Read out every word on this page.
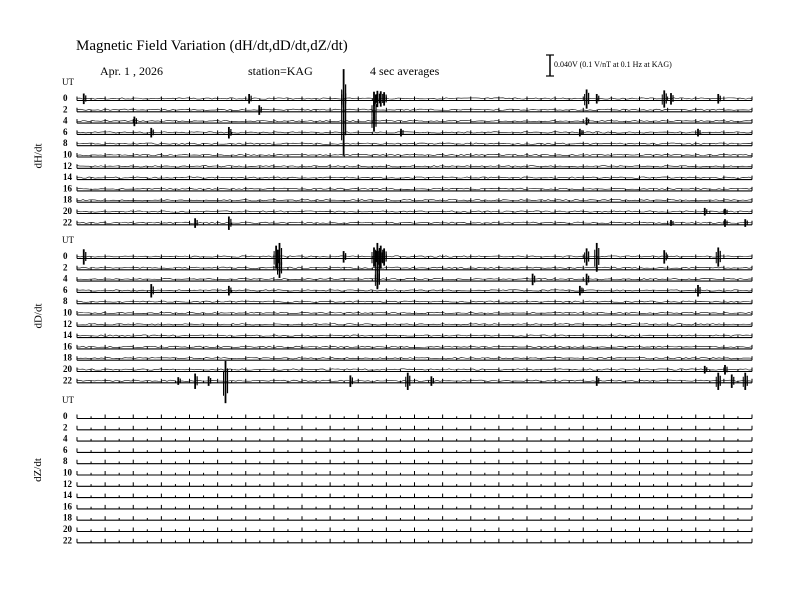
UT
0
2
4
6
8
10
12
14
16
18
20
22
UT
0
2
4
6
8
10
12
14
16
18
20
22
UT
0
2
4
6
8
10
12
14
16
18
20
22
Magnetic Field Variation (dH/dt,dD/dt,dZ/dt)
Apr. 1 , 2026	station=KAG	4 sec averages	0.040V (0.1 V/nT at 0.1 Hz at KAG)
dH/dt
dD/dt
dZ/dt
